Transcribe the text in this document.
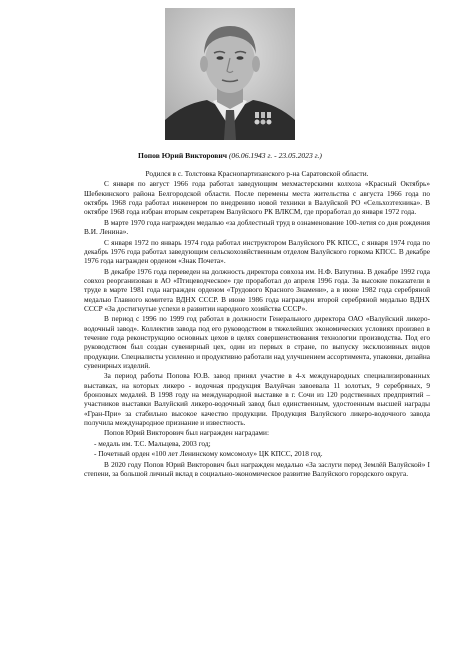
Попов Юрий Викторович (06.06.1943 г. - 23.05.2023 г.)

Родился в с. Толстовка Краснопартизанского р-на Саратовской области.

С января по август 1966 года работал заведующим мехмастерскими колхоза «Красный Октябрь» Шебекинского района Белгородской области. После перемены места жительства с августа 1966 года по октябрь 1968 года работал инженером по внедрению новой техники в Валуйской РО «Сельхозтехника». В октябре 1968 года избран вторым секретарем Валуйского РК ВЛКСМ, где проработал до января 1972 года.

В марте 1970 года награжден медалью «за доблестный труд в ознаменование 100-летия со дня рождения В.И. Ленина».

С января 1972 по январь 1974 года работал инструктором Валуйского РК КПСС, с января 1974 года по декабрь 1976 года работал заведующим сельскохозяйственным отделом Валуйского горкома КПСС. В декабре 1976 года награжден орденом «Знак Почета».

В декабре 1976 года переведен на должность директора совхоза им. Н.Ф. Ватутина. В декабре 1992 года совхоз реорганизован в АО «Птицеводческое» где проработал до апреля 1996 года. За высокие показатели в труде в марте 1981 года награжден орденом «Трудового Красного Знамени», а в июне 1982 года серебряной медалью Главного комитета ВДНХ СССР. В июне 1986 года награжден второй серебряной медалью ВДНХ СССР «За достигнутые успехи в развитии народного хозяйства СССР».

В период с 1996 по 1999 год работал в должности Генерального директора ОАО «Валуйский ликеро-водочный завод». Коллектив завода под его руководством в тяжелейших экономических условиях произвел в течение года реконструкцию основных цехов в целях совершенствования технологии производства. Под его руководством был создан сувенирный цех, один из первых в стране, по выпуску эксклюзивных видов продукции. Специалисты усиленно и продуктивно работали над улучшением ассортимента, упаковки, дизайна сувенирных изделий.

За период работы Попова Ю.В. завод принял участие в 4-х международных специализированных выставках, на которых ликеро - водочная продукция Валуйчан завоевала 11 золотых, 9 серебряных, 9 бронзовых медалей. В 1998 году на международной выставке в г. Сочи из 120 родственных предприятий – участников выставки Валуйский ликеро-водочный завод был единственным, удостоенным высшей награды «Гран-При» за стабильно высокое качество продукции. Продукция Валуйского ликеро-водочного завода получила международное признание и известность.

Попов Юрий Викторович был награжден наградами:

- медаль им. Т.С. Мальцева, 2003 год;

- Почетный орден «100 лет Ленинскому комсомолу» ЦК КПСС, 2018 год.

В 2020 году Попов Юрий Викторович был награжден медалью «За заслуги перед Землёй Валуйской» I степени, за большой личный вклад в социально-экономическое развитие Валуйского городского округа.
